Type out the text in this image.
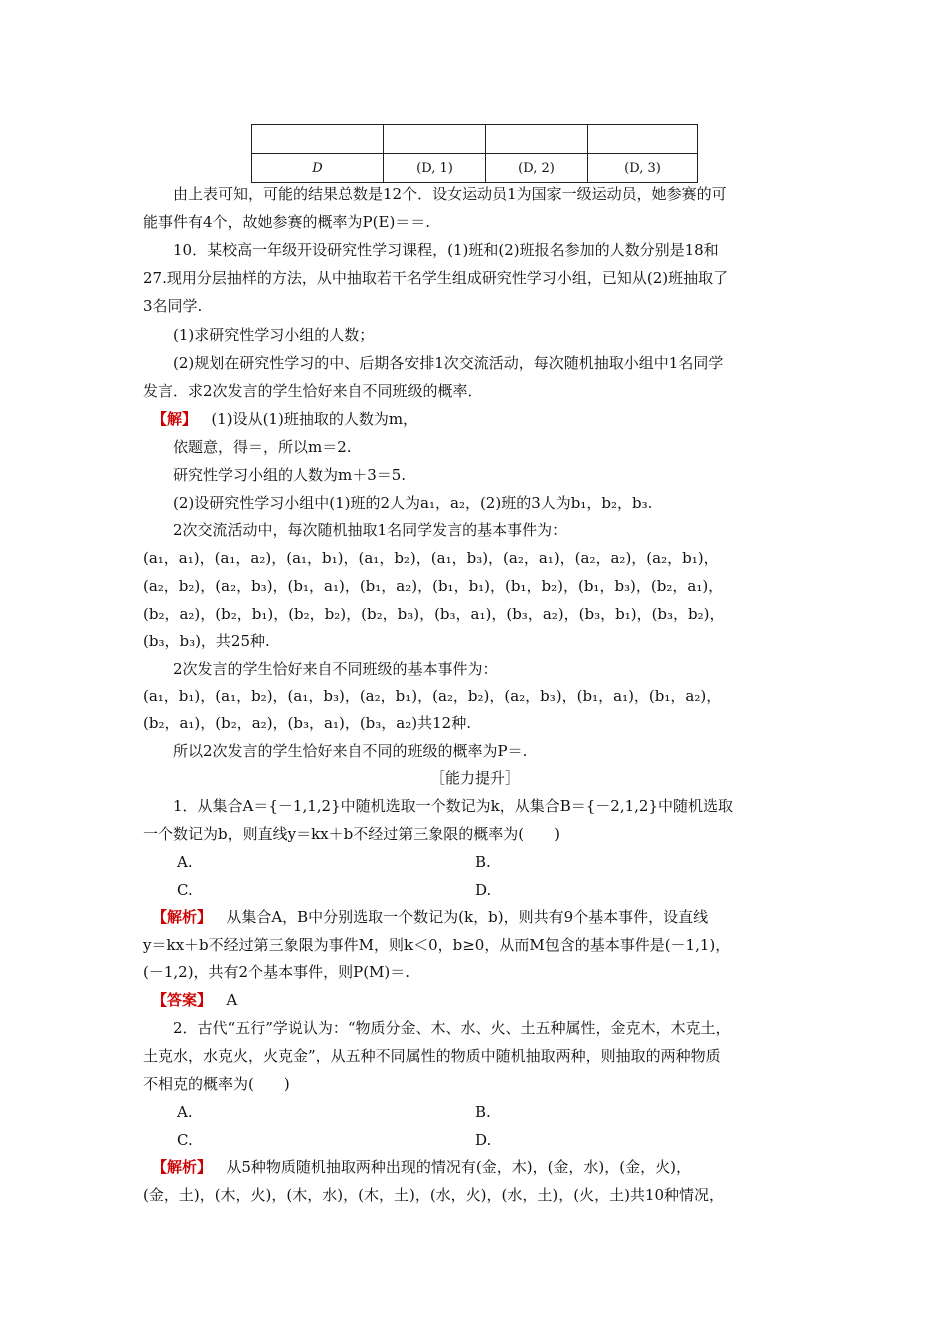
D	(D, 1)	(D, 2)	(D, 3)
由上表可知，可能的结果总数是12个．设女运动员1为国家一级运动员，她参赛的可
能事件有4个，故她参赛的概率为P(E)＝＝.
10．某校高一年级开设研究性学习课程，(1)班和(2)班报名参加的人数分别是18和
27.现用分层抽样的方法，从中抽取若干名学生组成研究性学习小组，已知从(2)班抽取了
3名同学.
(1)求研究性学习小组的人数；
(2)规划在研究性学习的中、后期各安排1次交流活动，每次随机抽取小组中1名同学
发言．求2次发言的学生恰好来自不同班级的概率．
【解】 (1)设从(1)班抽取的人数为m，
依题意，得＝，所以m＝2.
研究性学习小组的人数为m＋3＝5.
(2)设研究性学习小组中(1)班的2人为a₁，a₂，(2)班的3人为b₁，b₂，b₃.
2次交流活动中，每次随机抽取1名同学发言的基本事件为：
(a₁，a₁)，(a₁，a₂)，(a₁，b₁)，(a₁，b₂)，(a₁，b₃)，(a₂，a₁)，(a₂，a₂)，(a₂，b₁)，
(a₂，b₂)，(a₂，b₃)，(b₁，a₁)，(b₁，a₂)，(b₁，b₁)，(b₁，b₂)，(b₁，b₃)，(b₂，a₁)，
(b₂，a₂)，(b₂，b₁)，(b₂，b₂)，(b₂，b₃)，(b₃，a₁)，(b₃，a₂)，(b₃，b₁)，(b₃，b₂)，
(b₃，b₃)，共25种.
2次发言的学生恰好来自不同班级的基本事件为：
(a₁，b₁)，(a₁，b₂)，(a₁，b₃)，(a₂，b₁)，(a₂，b₂)，(a₂，b₃)，(b₁，a₁)，(b₁，a₂)，
(b₂，a₁)，(b₂，a₂)，(b₃，a₁)，(b₃，a₂)共12种.
所以2次发言的学生恰好来自不同的班级的概率为P＝.
［能力提升］
1．从集合A＝{－1,1,2}中随机选取一个数记为k，从集合B＝{－2,1,2}中随机选取
一个数记为b，则直线y＝kx＋b不经过第三象限的概率为(　　)
A.	B.
C.	D.
【解析】 从集合A，B中分别选取一个数记为(k，b)，则共有9个基本事件，设直线
y＝kx＋b不经过第三象限为事件M，则k＜0，b≥0，从而M包含的基本事件是(－1,1)，
(－1,2)，共有2个基本事件，则P(M)＝.
【答案】 A
2．古代“五行”学说认为：“物质分金、木、水、火、土五种属性，金克木，木克土，
土克水，水克火，火克金”，从五种不同属性的物质中随机抽取两种，则抽取的两种物质
不相克的概率为(　　)
A.	B.
C.	D.
【解析】 从5种物质随机抽取两种出现的情况有(金，木)，(金，水)，(金，火)，
(金，土)，(木，火)，(木，水)，(木，土)，(水，火)，(水，土)，(火，土)共10种情况，
